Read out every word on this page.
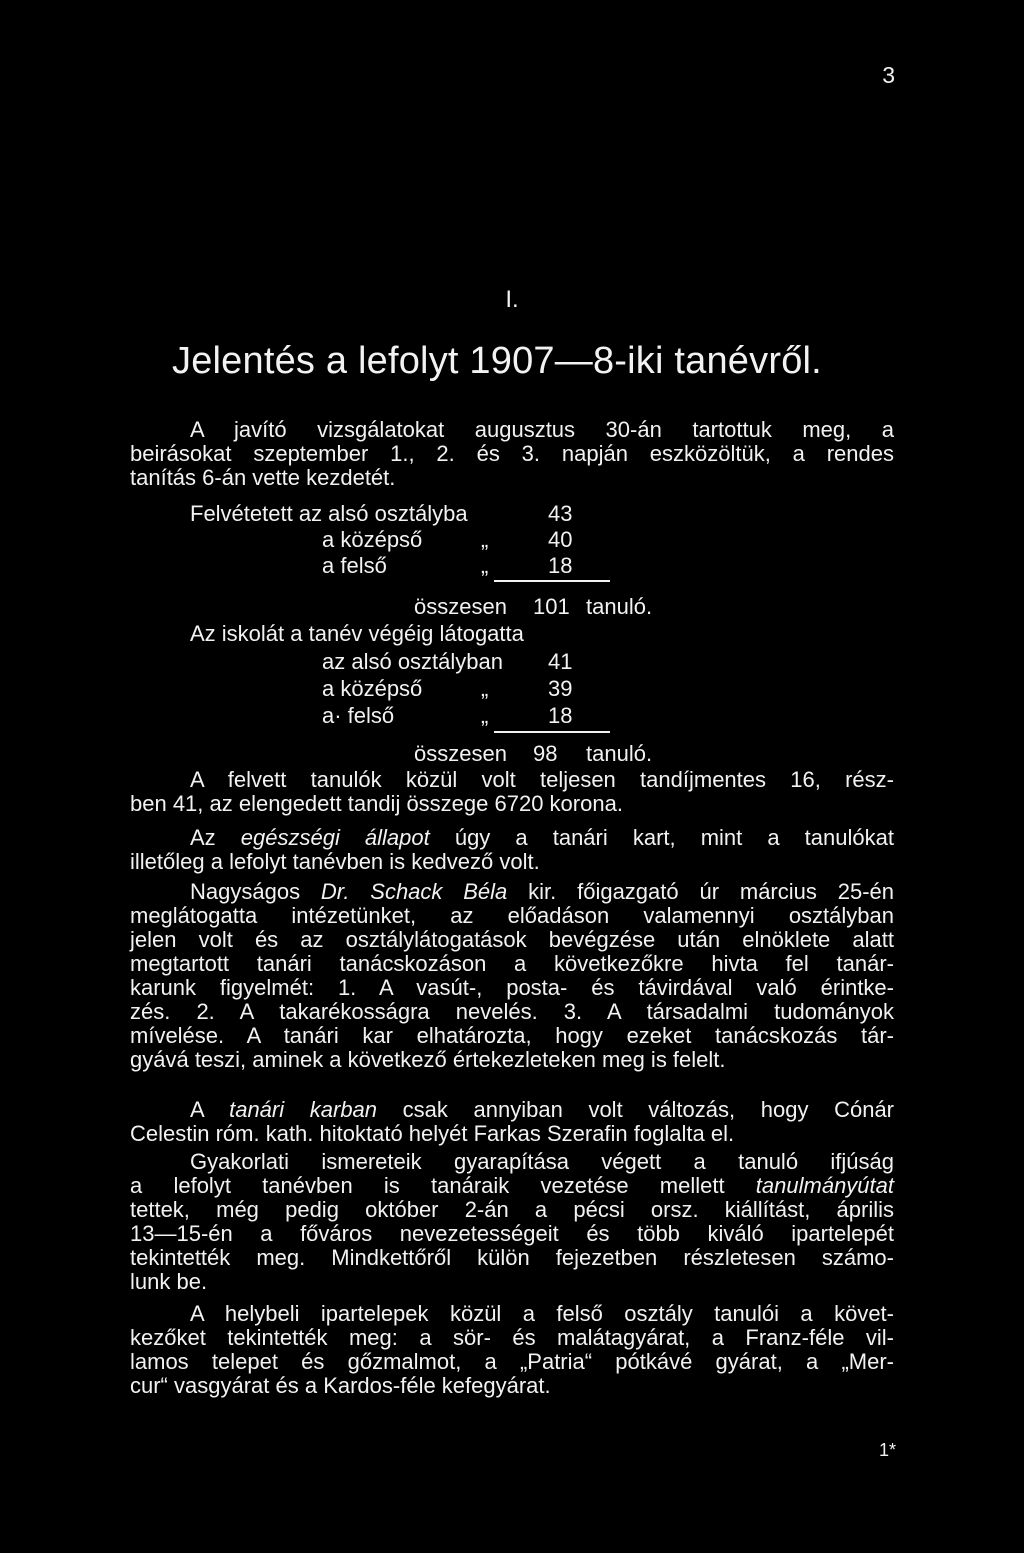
3
I.
Jelentés a lefolyt 1907—8-iki tanévről.
A javító vizsgálatokat augusztus 30-án tartottuk meg, a
beirásokat szeptember 1., 2. és 3. napján eszközöltük, a rendes
tanítás 6-án vette kezdetét.
Felvétetett az alsó osztályba	43
a középső	„	40
a felső	„	18
összesen 101 tanuló.
Az iskolát a tanév végéig látogatta
az alsó osztályban 41
a középső	„	39
a· felső	„	18
összesen 98 tanuló.
A felvett tanulók közül volt teljesen tandíjmentes 16, rész-
ben 41, az elengedett tandij összege 6720 korona.
Az egészségi állapot úgy a tanári kart, mint a tanulókat
illetőleg a lefolyt tanévben is kedvező volt.
Nagyságos Dr. Schack Béla kir. főigazgató úr március 25-én
meglátogatta intézetünket, az előadáson valamennyi osztályban
jelen volt és az osztálylátogatások bevégzése után elnöklete alatt
megtartott tanári tanácskozáson a következőkre hivta fel tanár-
karunk figyelmét: 1. A vasút-, posta- és távirdával való érintke-
zés. 2. A takarékosságra nevelés. 3. A társadalmi tudományok
mívelése. A tanári kar elhatározta, hogy ezeket tanácskozás tár-
gyává teszi, aminek a következő értekezleteken meg is felelt.
A tanári karban csak annyiban volt változás, hogy Cónár
Celestin róm. kath. hitoktató helyét Farkas Szerafin foglalta el.
Gyakorlati ismereteik gyarapítása végett a tanuló ifjúság
a lefolyt tanévben is tanáraik vezetése mellett tanulmányútat
tettek, még pedig október 2-án a pécsi orsz. kiállítást, április
13—15-én a főváros nevezetességeit és több kiváló ipartelepét
tekintették meg. Mindkettőről külön fejezetben részletesen számo-
lunk be.
A helybeli ipartelepek közül a felső osztály tanulói a követ-
kezőket tekintették meg: a sör- és malátagyárat, a Franz-féle vil-
lamos telepet és gőzmalmot, a „Patria“ pótkávé gyárat, a „Mer-
cur“ vasgyárat és a Kardos-féle kefegyárat.
1*
